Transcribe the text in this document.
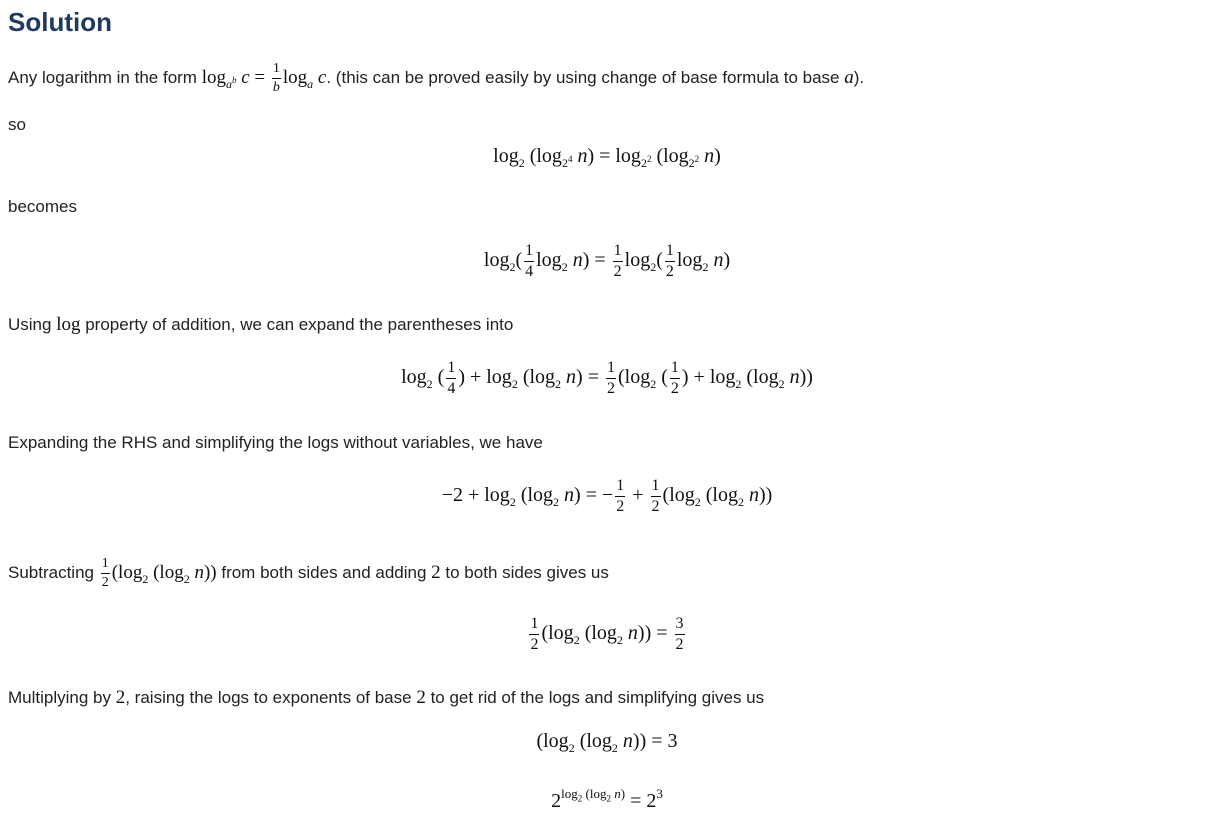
Solution
Any logarithm in the form $\log_{a^b} c = \frac{1}{b} \log_a c$. (this can be proved easily by using change of base formula to base a).
so
$\log_2 (\log_{2^4}$ $n) = \log_{2^2} (\log_{2^2}$ n)
becomes
$\log_2( \frac{1}{4} \log_2 n) = \frac{1}{2} \log_2( \frac{1}{2} \log_2 n)$
Using log property of addition, we can expand the parentheses into
$\log_2$ ( $\frac{1}{4}$ ) + $\log_2 (\log_2$ $n) = \frac{1}{2} (\log_2$ ( $\frac{1}{2}$ ) + $\log_2 (\log_2$ n))
Expanding the RHS and simplifying the logs without variables, we have
$-2 + \log_2 (\log_2$ n) = − $\frac{1}{2} + \frac{1}{2} (\log_2$ ($\log_2$ n))
Subtracting $\frac{1}{2} (\log_2$ ($\log_2$ n)) from both sides and adding 2 to both sides gives us
$\frac{1}{2} (\log_2$ ($\log_2$ $n)) = \frac{3}{2}$
Multiplying by 2, raising the logs to exponents of base 2 to get rid of the logs and simplifying gives us
($\log_2$ ($\log_2$ n)) = 3
$2^{log_2 (log_2 n)} = 2^3$
